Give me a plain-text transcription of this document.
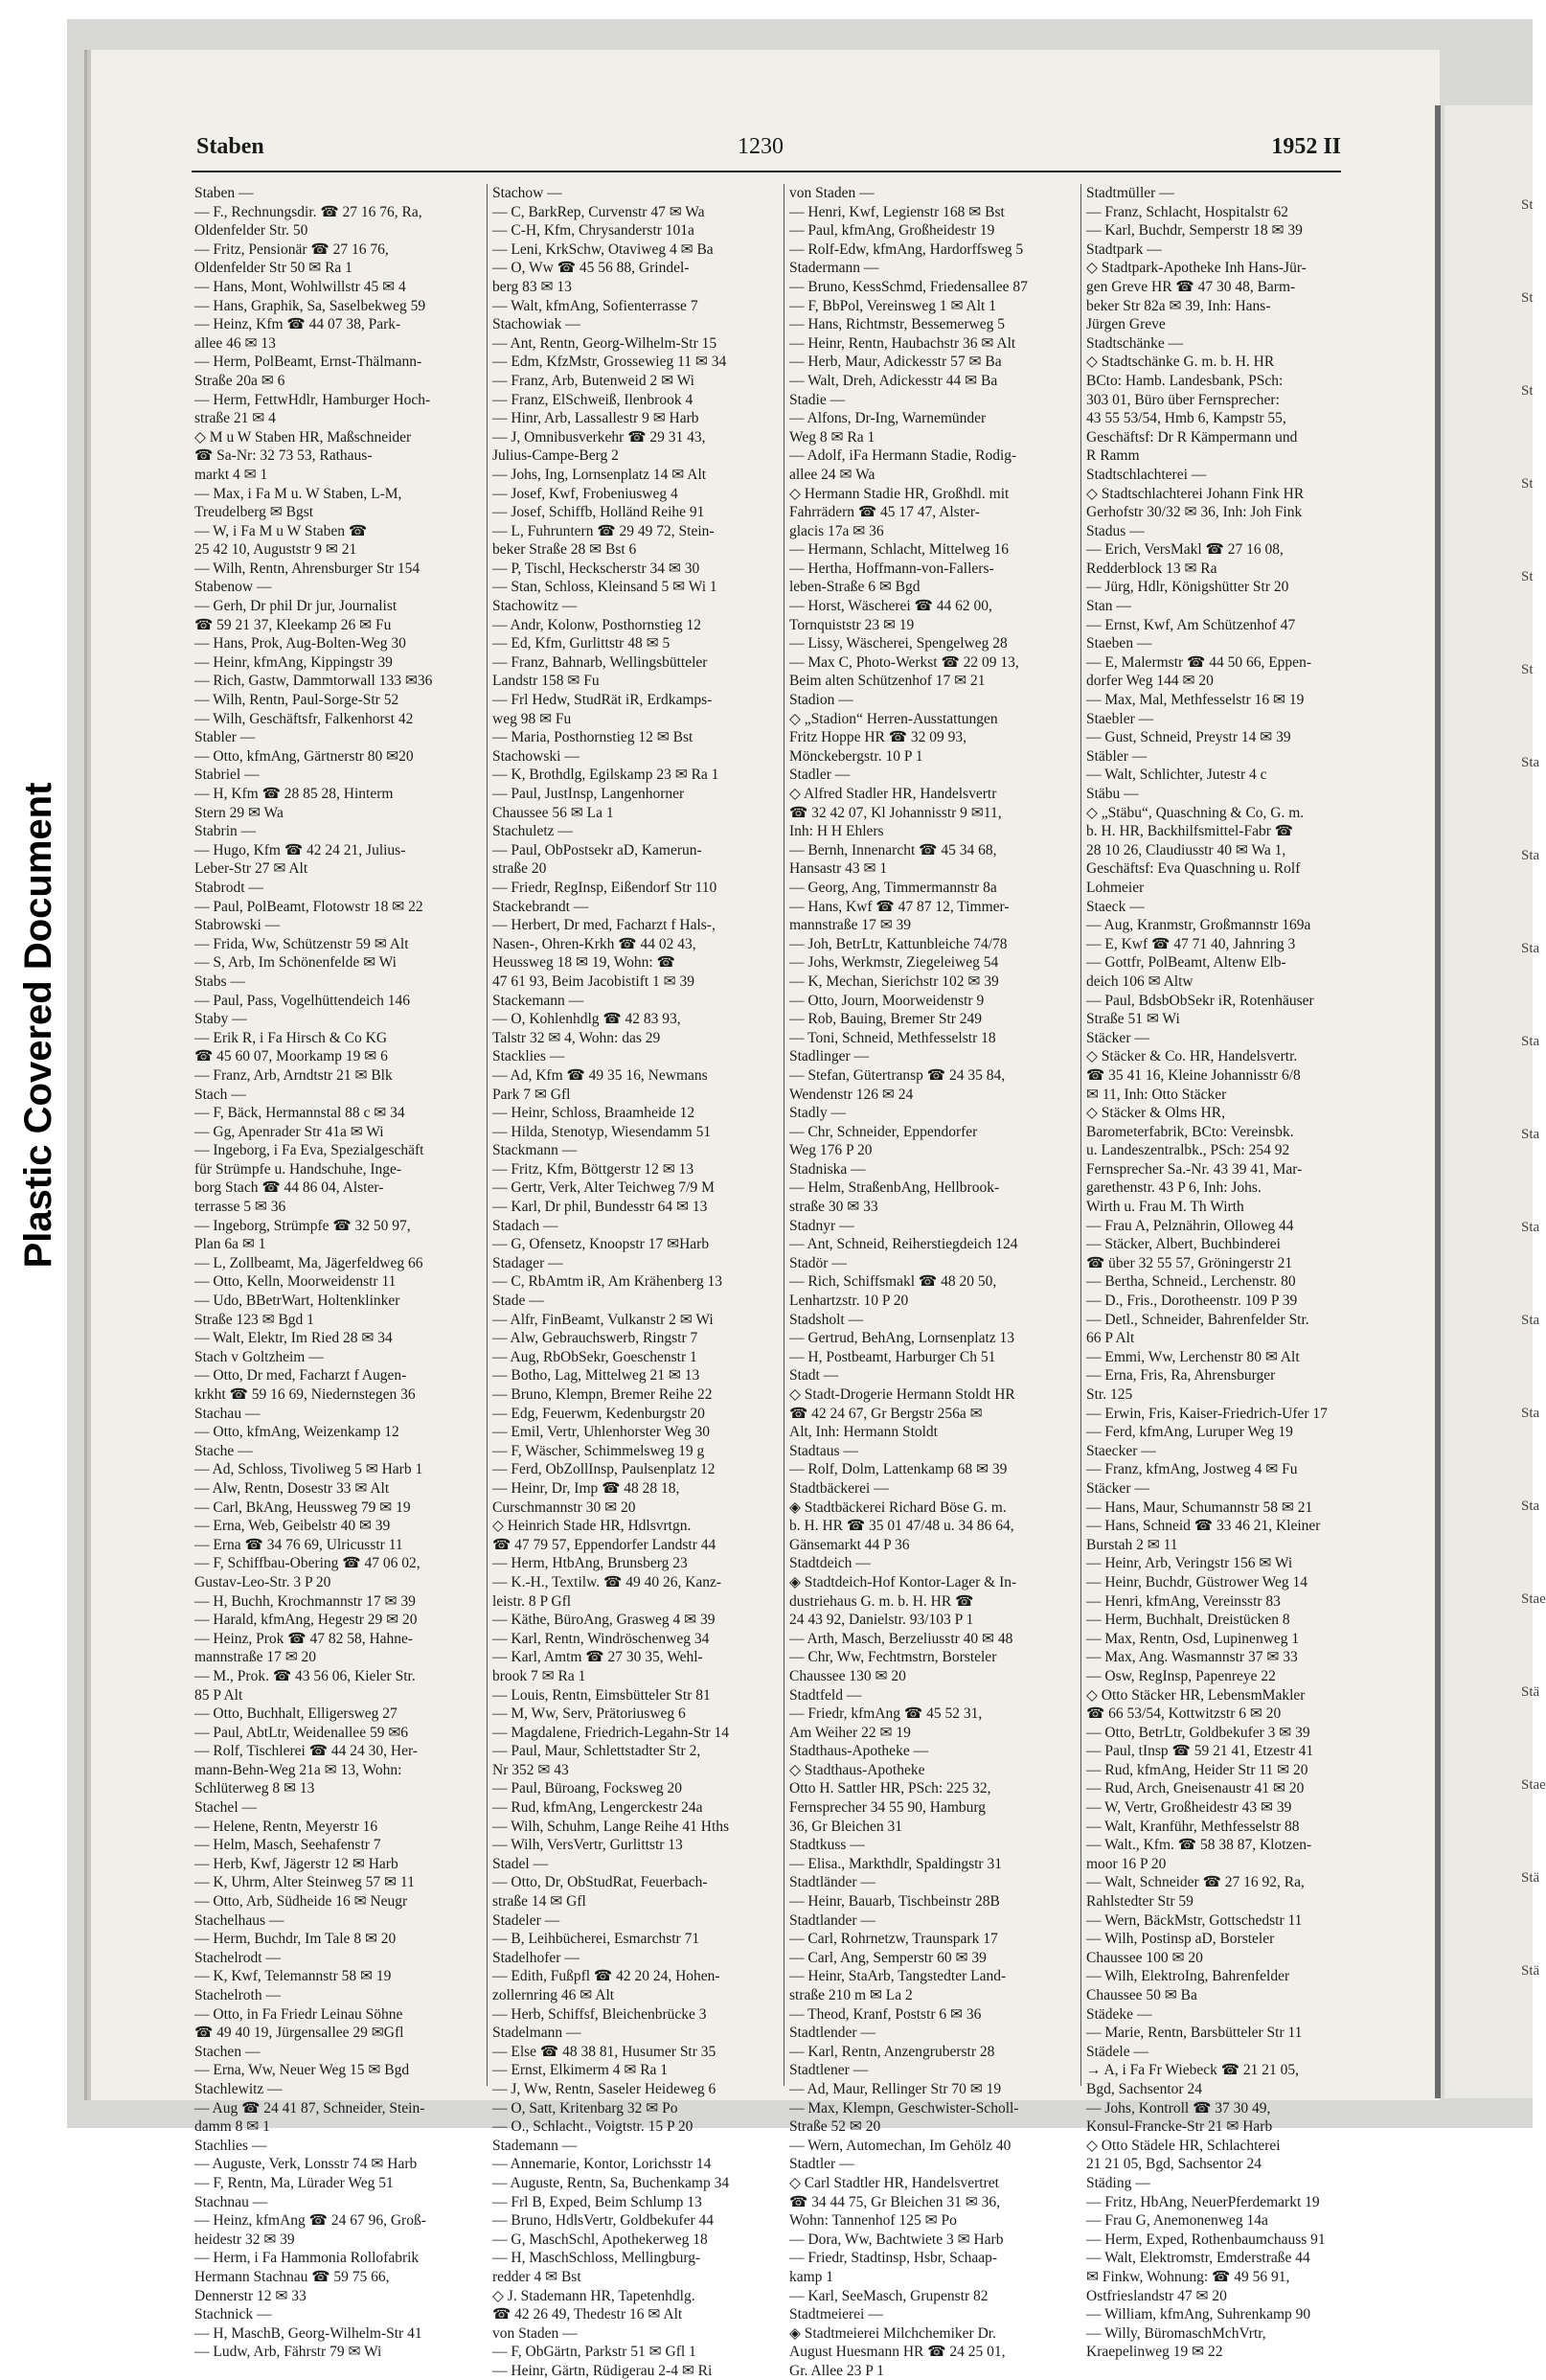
Plastic Covered Document
St
St
St
St
St
St
Sta
Sta
Sta
Sta
Sta
Sta
Sta
Sta
Sta
Stae
Stä
Stae
Stä
Stä
Staben	1230	1952 II
Staben —
— F., Rechnungsdir. ☎ 27 16 76, Ra,
Oldenfelder Str. 50
— Fritz, Pensionär ☎ 27 16 76,
Oldenfelder Str 50 ✉ Ra 1
— Hans, Mont, Wohlwillstr 45 ✉ 4
— Hans, Graphik, Sa, Saselbekweg 59
— Heinz, Kfm ☎ 44 07 38, Park-
allee 46 ✉ 13
— Herm, PolBeamt, Ernst-Thälmann-
Straße 20a ✉ 6
— Herm, FettwHdlr, Hamburger Hoch-
straße 21 ✉ 4
◇ M u W Staben HR, Maßschneider
☎ Sa-Nr: 32 73 53, Rathaus-
markt 4 ✉ 1
— Max, i Fa M u. W Staben, L-M,
Treudelberg ✉ Bgst
— W, i Fa M u W Staben ☎
25 42 10, Auguststr 9 ✉ 21
— Wilh, Rentn, Ahrensburger Str 154
Stabenow —
— Gerh, Dr phil Dr jur, Journalist
☎ 59 21 37, Kleekamp 26 ✉ Fu
— Hans, Prok, Aug-Bolten-Weg 30
— Heinr, kfmAng, Kippingstr 39
— Rich, Gastw, Dammtorwall 133 ✉36
— Wilh, Rentn, Paul-Sorge-Str 52
— Wilh, Geschäftsfr, Falkenhorst 42
Stabler —
— Otto, kfmAng, Gärtnerstr 80 ✉20
Stabriel —
— H, Kfm ☎ 28 85 28, Hinterm
Stern 29 ✉ Wa
Stabrin —
— Hugo, Kfm ☎ 42 24 21, Julius-
Leber-Str 27 ✉ Alt
Stabrodt —
— Paul, PolBeamt, Flotowstr 18 ✉ 22
Stabrowski —
— Frida, Ww, Schützenstr 59 ✉ Alt
— S, Arb, Im Schönenfelde ✉ Wi
Stabs —
— Paul, Pass, Vogelhüttendeich 146
Staby —
— Erik R, i Fa Hirsch & Co KG
☎ 45 60 07, Moorkamp 19 ✉ 6
— Franz, Arb, Arndtstr 21 ✉ Blk
Stach —
— F, Bäck, Hermannstal 88 c ✉ 34
— Gg, Apenrader Str 41a ✉ Wi
— Ingeborg, i Fa Eva, Spezialgeschäft
für Strümpfe u. Handschuhe, Inge-
borg Stach ☎ 44 86 04, Alster-
terrasse 5 ✉ 36
— Ingeborg, Strümpfe ☎ 32 50 97,
Plan 6a ✉ 1
— L, Zollbeamt, Ma, Jägerfeldweg 66
— Otto, Kelln, Moorweidenstr 11
— Udo, BBetrWart, Holtenklinker
Straße 123 ✉ Bgd 1
— Walt, Elektr, Im Ried 28 ✉ 34
Stach v Goltzheim —
— Otto, Dr med, Facharzt f Augen-
krkht ☎ 59 16 69, Niedernstegen 36
Stachau —
— Otto, kfmAng, Weizenkamp 12
Stache —
— Ad, Schloss, Tivoliweg 5 ✉ Harb 1
— Alw, Rentn, Dosestr 33 ✉ Alt
— Carl, BkAng, Heussweg 79 ✉ 19
— Erna, Web, Geibelstr 40 ✉ 39
— Erna ☎ 34 76 69, Ulricusstr 11
— F, Schiffbau-Obering ☎ 47 06 02,
Gustav-Leo-Str. 3 P 20
— H, Buchh, Krochmannstr 17 ✉ 39
— Harald, kfmAng, Hegestr 29 ✉ 20
— Heinz, Prok ☎ 47 82 58, Hahne-
mannstraße 17 ✉ 20
— M., Prok. ☎ 43 56 06, Kieler Str.
85 P Alt
— Otto, Buchhalt, Elligersweg 27
— Paul, AbtLtr, Weidenallee 59 ✉6
— Rolf, Tischlerei ☎ 44 24 30, Her-
mann-Behn-Weg 21a ✉ 13, Wohn:
Schlüterweg 8 ✉ 13
Stachel —
— Helene, Rentn, Meyerstr 16
— Helm, Masch, Seehafenstr 7
— Herb, Kwf, Jägerstr 12 ✉ Harb
— K, Uhrm, Alter Steinweg 57 ✉ 11
— Otto, Arb, Südheide 16 ✉ Neugr
Stachelhaus —
— Herm, Buchdr, Im Tale 8 ✉ 20
Stachelrodt —
— K, Kwf, Telemannstr 58 ✉ 19
Stachelroth —
— Otto, in Fa Friedr Leinau Söhne
☎ 49 40 19, Jürgensallee 29 ✉Gfl
Stachen —
— Erna, Ww, Neuer Weg 15 ✉ Bgd
Stachlewitz —
— Aug ☎ 24 41 87, Schneider, Stein-
damm 8 ✉ 1
Stachlies —
— Auguste, Verk, Lonsstr 74 ✉ Harb
— F, Rentn, Ma, Lürader Weg 51
Stachnau —
— Heinz, kfmAng ☎ 24 67 96, Groß-
heidestr 32 ✉ 39
— Herm, i Fa Hammonia Rollofabrik
Hermann Stachnau ☎ 59 75 66,
Dennerstr 12 ✉ 33
Stachnick —
— H, MaschB, Georg-Wilhelm-Str 41
— Ludw, Arb, Fährstr 79 ✉ Wi
Stachow —
— C, BarkRep, Curvenstr 47 ✉ Wa
— C-H, Kfm, Chrysanderstr 101a
— Leni, KrkSchw, Otaviweg 4 ✉ Ba
— O, Ww ☎ 45 56 88, Grindel-
berg 83 ✉ 13
— Walt, kfmAng, Sofienterrasse 7
Stachowiak —
— Ant, Rentn, Georg-Wilhelm-Str 15
— Edm, KfzMstr, Grossewieg 11 ✉ 34
— Franz, Arb, Butenweid 2 ✉ Wi
— Franz, ElSchweiß, Ilenbrook 4
— Hinr, Arb, Lassallestr 9 ✉ Harb
— J, Omnibusverkehr ☎ 29 31 43,
Julius-Campe-Berg 2
— Johs, Ing, Lornsenplatz 14 ✉ Alt
— Josef, Kwf, Frobeniusweg 4
— Josef, Schiffb, Holländ Reihe 91
— L, Fuhruntern ☎ 29 49 72, Stein-
beker Straße 28 ✉ Bst 6
— P, Tischl, Heckscherstr 34 ✉ 30
— Stan, Schloss, Kleinsand 5 ✉ Wi 1
Stachowitz —
— Andr, Kolonw, Posthornstieg 12
— Ed, Kfm, Gurlittstr 48 ✉ 5
— Franz, Bahnarb, Wellingsbütteler
Landstr 158 ✉ Fu
— Frl Hedw, StudRät iR, Erdkamps-
weg 98 ✉ Fu
— Maria, Posthornstieg 12 ✉ Bst
Stachowski —
— K, Brothdlg, Egilskamp 23 ✉ Ra 1
— Paul, JustInsp, Langenhorner
Chaussee 56 ✉ La 1
Stachuletz —
— Paul, ObPostsekr aD, Kamerun-
straße 20
— Friedr, RegInsp, Eißendorf Str 110
Stackebrandt —
— Herbert, Dr med, Facharzt f Hals-,
Nasen-, Ohren-Krkh ☎ 44 02 43,
Heussweg 18 ✉ 19, Wohn: ☎
47 61 93, Beim Jacobistift 1 ✉ 39
Stackemann —
— O, Kohlenhdlg ☎ 42 83 93,
Talstr 32 ✉ 4, Wohn: das 29
Stacklies —
— Ad, Kfm ☎ 49 35 16, Newmans
Park 7 ✉ Gfl
— Heinr, Schloss, Braamheide 12
— Hilda, Stenotyp, Wiesendamm 51
Stackmann —
— Fritz, Kfm, Böttgerstr 12 ✉ 13
— Gertr, Verk, Alter Teichweg 7/9 M
— Karl, Dr phil, Bundesstr 64 ✉ 13
Stadach —
— G, Ofensetz, Knoopstr 17 ✉Harb
Stadager —
— C, RbAmtm iR, Am Krähenberg 13
Stade —
— Alfr, FinBeamt, Vulkanstr 2 ✉ Wi
— Alw, Gebrauchswerb, Ringstr 7
— Aug, RbObSekr, Goeschenstr 1
— Botho, Lag, Mittelweg 21 ✉ 13
— Bruno, Klempn, Bremer Reihe 22
— Edg, Feuerwm, Kedenburgstr 20
— Emil, Vertr, Uhlenhorster Weg 30
— F, Wäscher, Schimmelsweg 19 g
— Ferd, ObZollInsp, Paulsenplatz 12
— Heinr, Dr, Imp ☎ 48 28 18,
Curschmannstr 30 ✉ 20
◇ Heinrich Stade HR, Hdlsvrtgn.
☎ 47 79 57, Eppendorfer Landstr 44
— Herm, HtbAng, Brunsberg 23
— K.-H., Textilw. ☎ 49 40 26, Kanz-
leistr. 8 P Gfl
— Käthe, BüroAng, Grasweg 4 ✉ 39
— Karl, Rentn, Windröschenweg 34
— Karl, Amtm ☎ 27 30 35, Wehl-
brook 7 ✉ Ra 1
— Louis, Rentn, Eimsbütteler Str 81
— M, Ww, Serv, Prätoriusweg 6
— Magdalene, Friedrich-Legahn-Str 14
— Paul, Maur, Schlettstadter Str 2,
Nr 352 ✉ 43
— Paul, Büroang, Focksweg 20
— Rud, kfmAng, Lengerckestr 24a
— Wilh, Schuhm, Lange Reihe 41 Hths
— Wilh, VersVertr, Gurlittstr 13
Stadel —
— Otto, Dr, ObStudRat, Feuerbach-
straße 14 ✉ Gfl
Stadeler —
— B, Leihbücherei, Esmarchstr 71
Stadelhofer —
— Edith, Fußpfl ☎ 42 20 24, Hohen-
zollernring 46 ✉ Alt
— Herb, Schiffsf, Bleichenbrücke 3
Stadelmann —
— Else ☎ 48 38 81, Husumer Str 35
— Ernst, Elkimerm 4 ✉ Ra 1
— J, Ww, Rentn, Saseler Heideweg 6
— O, Satt, Kritenbarg 32 ✉ Po
— O., Schlacht., Voigtstr. 15 P 20
Stademann —
— Annemarie, Kontor, Lorichsstr 14
— Auguste, Rentn, Sa, Buchenkamp 34
— Frl B, Exped, Beim Schlump 13
— Bruno, HdlsVertr, Goldbekufer 44
— G, MaschSchl, Apothekerweg 18
— H, MaschSchloss, Mellingburg-
redder 4 ✉ Bst
◇ J. Stademann HR, Tapetenhdlg.
☎ 42 26 49, Thedestr 16 ✉ Alt
von Staden —
— F, ObGärtn, Parkstr 51 ✉ Gfl 1
— Heinr, Gärtn, Rüdigerau 2-4 ✉ Ri
von Staden —
— Henri, Kwf, Legienstr 168 ✉ Bst
— Paul, kfmAng, Großheidestr 19
— Rolf-Edw, kfmAng, Hardorffsweg 5
Stadermann —
— Bruno, KessSchmd, Friedensallee 87
— F, BbPol, Vereinsweg 1 ✉ Alt 1
— Hans, Richtmstr, Bessemerweg 5
— Heinr, Rentn, Haubachstr 36 ✉ Alt
— Herb, Maur, Adickesstr 57 ✉ Ba
— Walt, Dreh, Adickesstr 44 ✉ Ba
Stadie —
— Alfons, Dr-Ing, Warnemünder
Weg 8 ✉ Ra 1
— Adolf, iFa Hermann Stadie, Rodig-
allee 24 ✉ Wa
◇ Hermann Stadie HR, Großhdl. mit
Fahrrädern ☎ 45 17 47, Alster-
glacis 17a ✉ 36
— Hermann, Schlacht, Mittelweg 16
— Hertha, Hoffmann-von-Fallers-
leben-Straße 6 ✉ Bgd
— Horst, Wäscherei ☎ 44 62 00,
Tornquiststr 23 ✉ 19
— Lissy, Wäscherei, Spengelweg 28
— Max C, Photo-Werkst ☎ 22 09 13,
Beim alten Schützenhof 17 ✉ 21
Stadion —
◇ „Stadion“ Herren-Ausstattungen
Fritz Hoppe HR ☎ 32 09 93,
Mönckebergstr. 10 P 1
Stadler —
◇ Alfred Stadler HR, Handelsvertr
☎ 32 42 07, Kl Johannisstr 9 ✉11,
Inh: H H Ehlers
— Bernh, Innenarcht ☎ 45 34 68,
Hansastr 43 ✉ 1
— Georg, Ang, Timmermannstr 8a
— Hans, Kwf ☎ 47 87 12, Timmer-
mannstraße 17 ✉ 39
— Joh, BetrLtr, Kattunbleiche 74/78
— Johs, Werkmstr, Ziegeleiweg 54
— K, Mechan, Sierichstr 102 ✉ 39
— Otto, Journ, Moorweidenstr 9
— Rob, Bauing, Bremer Str 249
— Toni, Schneid, Methfesselstr 18
Stadlinger —
— Stefan, Gütertransp ☎ 24 35 84,
Wendenstr 126 ✉ 24
Stadly —
— Chr, Schneider, Eppendorfer
Weg 176 P 20
Stadniska —
— Helm, StraßenbAng, Hellbrook-
straße 30 ✉ 33
Stadnyr —
— Ant, Schneid, Reiherstiegdeich 124
Stadör —
— Rich, Schiffsmakl ☎ 48 20 50,
Lenhartzstr. 10 P 20
Stadsholt —
— Gertrud, BehAng, Lornsenplatz 13
— H, Postbeamt, Harburger Ch 51
Stadt —
◇ Stadt-Drogerie Hermann Stoldt HR
☎ 42 24 67, Gr Bergstr 256a ✉
Alt, Inh: Hermann Stoldt
Stadtaus —
— Rolf, Dolm, Lattenkamp 68 ✉ 39
Stadtbäckerei —
◈ Stadtbäckerei Richard Böse G. m.
b. H. HR ☎ 35 01 47/48 u. 34 86 64,
Gänsemarkt 44 P 36
Stadtdeich —
◈ Stadtdeich-Hof Kontor-Lager & In-
dustriehaus G. m. b. H. HR ☎
24 43 92, Danielstr. 93/103 P 1
— Arth, Masch, Berzeliusstr 40 ✉ 48
— Chr, Ww, Fechtmstrn, Borsteler
Chaussee 130 ✉ 20
Stadtfeld —
— Friedr, kfmAng ☎ 45 52 31,
Am Weiher 22 ✉ 19
Stadthaus-Apotheke —
◇ Stadthaus-Apotheke
Otto H. Sattler HR, PSch: 225 32,
Fernsprecher 34 55 90, Hamburg
36, Gr Bleichen 31
Stadtkuss —
— Elisa., Markthdlr, Spaldingstr 31
Stadtländer —
— Heinr, Bauarb, Tischbeinstr 28B
Stadtlander —
— Carl, Rohrnetzw, Traunspark 17
— Carl, Ang, Semperstr 60 ✉ 39
— Heinr, StaArb, Tangstedter Land-
straße 210 m ✉ La 2
— Theod, Kranf, Poststr 6 ✉ 36
Stadtlender —
— Karl, Rentn, Anzengruberstr 28
Stadtlener —
— Ad, Maur, Rellinger Str 70 ✉ 19
— Max, Klempn, Geschwister-Scholl-
Straße 52 ✉ 20
— Wern, Automechan, Im Gehölz 40
Stadtler —
◇ Carl Stadtler HR, Handelsvertret
☎ 34 44 75, Gr Bleichen 31 ✉ 36,
Wohn: Tannenhof 125 ✉ Po
— Dora, Ww, Bachtwiete 3 ✉ Harb
— Friedr, Stadtinsp, Hsbr, Schaap-
kamp 1
— Karl, SeeMasch, Grupenstr 82
Stadtmeierei —
◈ Stadtmeierei Milchchemiker Dr.
August Huesmann HR ☎ 24 25 01,
Gr. Allee 23 P 1
Stadtmüller —
— Franz, Schlacht, Hospitalstr 62
— Karl, Buchdr, Semperstr 18 ✉ 39
Stadtpark —
◇ Stadtpark-Apotheke Inh Hans-Jür-
gen Greve HR ☎ 47 30 48, Barm-
beker Str 82a ✉ 39, Inh: Hans-
Jürgen Greve
Stadtschänke —
◇ Stadtschänke G. m. b. H. HR
BCto: Hamb. Landesbank, PSch:
303 01, Büro über Fernsprecher:
43 55 53/54, Hmb 6, Kampstr 55,
Geschäftsf: Dr R Kämpermann und
R Ramm
Stadtschlachterei —
◇ Stadtschlachterei Johann Fink HR
Gerhofstr 30/32 ✉ 36, Inh: Joh Fink
Stadus —
— Erich, VersMakl ☎ 27 16 08,
Redderblock 13 ✉ Ra
— Jürg, Hdlr, Königshütter Str 20
Stan —
— Ernst, Kwf, Am Schützenhof 47
Staeben —
— E, Malermstr ☎ 44 50 66, Eppen-
dorfer Weg 144 ✉ 20
— Max, Mal, Methfesselstr 16 ✉ 19
Staebler —
— Gust, Schneid, Preystr 14 ✉ 39
Stäbler —
— Walt, Schlichter, Jutestr 4 c
Stäbu —
◇ „Stäbu“, Quaschning & Co, G. m.
b. H. HR, Backhilfsmittel-Fabr ☎
28 10 26, Claudiusstr 40 ✉ Wa 1,
Geschäftsf: Eva Quaschning u. Rolf
Lohmeier
Staeck —
— Aug, Kranmstr, Großmannstr 169a
— E, Kwf ☎ 47 71 40, Jahnring 3
— Gottfr, PolBeamt, Altenw Elb-
deich 106 ✉ Altw
— Paul, BdsbObSekr iR, Rotenhäuser
Straße 51 ✉ Wi
Stäcker —
◇ Stäcker & Co. HR, Handelsvertr.
☎ 35 41 16, Kleine Johannisstr 6/8
✉ 11, Inh: Otto Stäcker
◇ Stäcker & Olms HR,
Barometerfabrik, BCto: Vereinsbk.
u. Landeszentralbk., PSch: 254 92
Fernsprecher Sa.-Nr. 43 39 41, Mar-
garethenstr. 43 P 6, Inh: Johs.
Wirth u. Frau M. Th Wirth
— Frau A, Pelznährin, Olloweg 44
— Stäcker, Albert, Buchbinderei
☎ über 32 55 57, Gröningerstr 21
— Bertha, Schneid., Lerchenstr. 80
— D., Fris., Dorotheenstr. 109 P 39
— Detl., Schneider, Bahrenfelder Str.
66 P Alt
— Emmi, Ww, Lerchenstr 80 ✉ Alt
— Erna, Fris, Ra, Ahrensburger
Str. 125
— Erwin, Fris, Kaiser-Friedrich-Ufer 17
— Ferd, kfmAng, Luruper Weg 19
Staecker —
— Franz, kfmAng, Jostweg 4 ✉ Fu
Stäcker —
— Hans, Maur, Schumannstr 58 ✉ 21
— Hans, Schneid ☎ 33 46 21, Kleiner
Burstah 2 ✉ 11
— Heinr, Arb, Veringstr 156 ✉ Wi
— Heinr, Buchdr, Güstrower Weg 14
— Henri, kfmAng, Vereinsstr 83
— Herm, Buchhalt, Dreistücken 8
— Max, Rentn, Osd, Lupinenweg 1
— Max, Ang. Wasmannstr 37 ✉ 33
— Osw, RegInsp, Papenreye 22
◇ Otto Stäcker HR, LebensmMakler
☎ 66 53/54, Kottwitzstr 6 ✉ 20
— Otto, BetrLtr, Goldbekufer 3 ✉ 39
— Paul, tInsp ☎ 59 21 41, Etzestr 41
— Rud, kfmAng, Heider Str 11 ✉ 20
— Rud, Arch, Gneisenaustr 41 ✉ 20
— W, Vertr, Großheidestr 43 ✉ 39
— Walt, Kranführ, Methfesselstr 88
— Walt., Kfm. ☎ 58 38 87, Klotzen-
moor 16 P 20
— Walt, Schneider ☎ 27 16 92, Ra,
Rahlstedter Str 59
— Wern, BäckMstr, Gottschedstr 11
— Wilh, Postinsp aD, Borsteler
Chaussee 100 ✉ 20
— Wilh, ElektroIng, Bahrenfelder
Chaussee 50 ✉ Ba
Städeke —
— Marie, Rentn, Barsbütteler Str 11
Städele —
→ A, i Fa Fr Wiebeck ☎ 21 21 05,
Bgd, Sachsentor 24
— Johs, Kontroll ☎ 37 30 49,
Konsul-Francke-Str 21 ✉ Harb
◇ Otto Städele HR, Schlachterei
21 21 05, Bgd, Sachsentor 24
Städing —
— Fritz, HbAng, NeuerPferdemarkt 19
— Frau G, Anemonenweg 14a
— Herm, Exped, Rothenbaumchauss 91
— Walt, Elektromstr, Emderstraße 44
✉ Finkw, Wohnung: ☎ 49 56 91,
Ostfrieslandstr 47 ✉ 20
— William, kfmAng, Suhrenkamp 90
— Willy, BüromaschMchVrtr,
Kraepelinweg 19 ✉ 22
